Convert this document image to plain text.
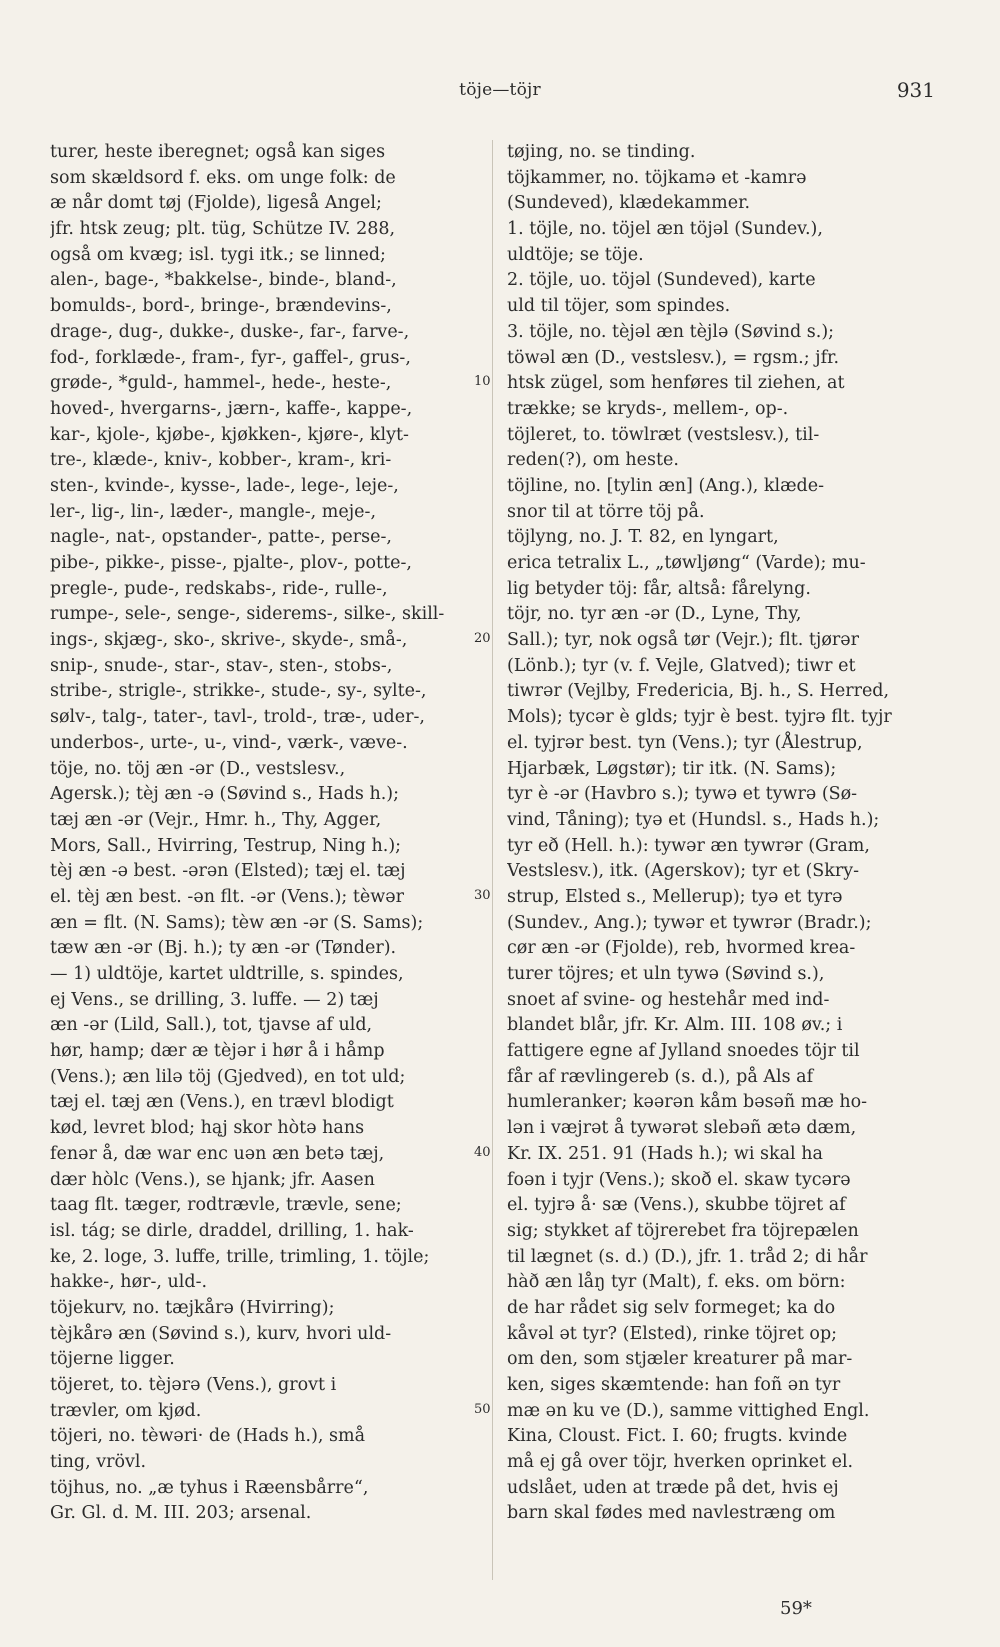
töje—töjr	931
turer, heste iberegnet; også kan siges
som skældsord f. eks. om unge folk: de
æ når domt tøj (Fjolde), ligeså Angel;
jfr. htsk zeug; plt. tüg, Schütze IV. 288,
også om kvæg; isl. tygi itk.; se linned;
alen-, bage-, *bakkelse-, binde-, bland-,
bomulds-, bord-, bringe-, brændevins-,
drage-, dug-, dukke-, duske-, far-, farve-,
fod-, forklæde-, fram-, fyr-, gaffel-, grus-,
grøde-, *guld-, hammel-, hede-, heste-,
hoved-, hvergarns-, jærn-, kaffe-, kappe-,
kar-, kjole-, kjøbe-, kjøkken-, kjøre-, klyt-
tre-, klæde-, kniv-, kobber-, kram-, kri-
sten-, kvinde-, kysse-, lade-, lege-, leje-,
ler-, lig-, lin-, læder-, mangle-, meje-,
nagle-, nat-, opstander-, patte-, perse-,
pibe-, pikke-, pisse-, pjalte-, plov-, potte-,
pregle-, pude-, redskabs-, ride-, rulle-,
rumpe-, sele-, senge-, siderems-, silke-, skill-
ings-, skjæg-, sko-, skrive-, skyde-, små-,
snip-, snude-, star-, stav-, sten-, stobs-,
stribe-, strigle-, strikke-, stude-, sy-, sylte-,
sølv-, talg-, tater-, tavl-, trold-, træ-, uder-,
underbos-, urte-, u-, vind-, værk-, væve-.
töje, no. töj æn -ər (D., vestslesv.,
Agersk.); tèj æn -ə (Søvind s., Hads h.);
tæj æn -ər (Vejr., Hmr. h., Thy, Agger,
Mors, Sall., Hvirring, Testrup, Ning h.);
tèj æn -ə best. -ərən (Elsted); tæj el. tæj
el. tèj æn best. -ən flt. -ər (Vens.); tèwər
æn = flt. (N. Sams); tèw æn -ər (S. Sams);
tæw æn -ər (Bj. h.); ty æn -ər (Tønder).
— 1) uldtöje, kartet uldtrille, s. spindes,
ej Vens., se drilling, 3. luffe. — 2) tæj
æn -ər (Lild, Sall.), tot, tjavse af uld,
hør, hamp; dær æ tèjər i hør å i håmp
(Vens.); æn lilə töj (Gjedved), en tot uld;
tæj el. tæj æn (Vens.), en trævl blodigt
kød, levret blod; hąj skor hòtə hans
fenər å, dæ war enc uən æn betə tæj,
dær hòlc (Vens.), se hjank; jfr. Aasen
taag flt. tæger, rodtrævle, trævle, sene;
isl. tág; se dirle, draddel, drilling, 1. hak-
ke, 2. loge, 3. luffe, trille, trimling, 1. töjle;
hakke-, hør-, uld-.
töjekurv, no. tæjkårə (Hvirring);
tèjkårə æn (Søvind s.), kurv, hvori uld-
töjerne ligger.
töjeret, to. tèjərə (Vens.), grovt i
trævler, om kjød.
töjeri, no. tèwəri· de (Hads h.), små
ting, vrövl.
töjhus, no. „æ tyhus i Ræensbårre“,
Gr. Gl. d. M. III. 203; arsenal.
tøjing, no. se tinding.
töjkammer, no. töjkamə et -kamrə
(Sundeved), klædekammer.
1. töjle, no. töjel æn töjəl (Sundev.),
uldtöje; se töje.
2. töjle, uo. töjəl (Sundeved), karte
uld til töjer, som spindes.
3. töjle, no. tèjəl æn tèjlə (Søvind s.);
töwəl æn (D., vestslesv.), = rgsm.; jfr.
htsk zügel, som henføres til ziehen, at
trække; se kryds-, mellem-, op-.
töjleret, to. töwlræt (vestslesv.), til-
reden(?), om heste.
töjline, no. [tylin æn] (Ang.), klæde-
snor til at törre töj på.
töjlyng, no. J. T. 82, en lyngart,
erica tetralix L., „tøwljøng“ (Varde); mu-
lig betyder töj: får, altså: fårelyng.
töjr, no. tyr æn -ər (D., Lyne, Thy,
Sall.); tyr, nok også tør (Vejr.); flt. tjørər
(Lönb.); tyr (v. f. Vejle, Glatved); tiwr et
tiwrər (Vejlby, Fredericia, Bj. h., S. Herred,
Mols); tycər è glds; tyjr è best. tyjrə flt. tyjr
el. tyjrər best. tyn (Vens.); tyr (Ålestrup,
Hjarbæk, Løgstør); tir itk. (N. Sams);
tyr è -ər (Havbro s.); tywə et tywrə (Sø-
vind, Tåning); tyə et (Hundsl. s., Hads h.);
tyr eð (Hell. h.): tywər æn tywrər (Gram,
Vestslesv.), itk. (Agerskov); tyr et (Skry-
strup, Elsted s., Mellerup); tyə et tyrə
(Sundev., Ang.); tywər et tywrər (Bradr.);
cør æn -ər (Fjolde), reb, hvormed krea-
turer töjres; et uln tywə (Søvind s.),
snoet af svine- og hestehår med ind-
blandet blår, jfr. Kr. Alm. III. 108 øv.; i
fattigere egne af Jylland snoedes töjr til
får af rævlingereb (s. d.), på Als af
humleranker; kəərən kåm bəsəñ mæ ho-
lən i væjrət å tywərət slebəñ ætə dæm,
Kr. IX. 251. 91 (Hads h.); wi skal ha
foən i tyjr (Vens.); skoð el. skaw tycərə
el. tyjrə å· sæ (Vens.), skubbe töjret af
sig; stykket af töjrerebet fra töjrepælen
til lægnet (s. d.) (D.), jfr. 1. tråd 2; di hår
hàð æn låŋ tyr (Malt), f. eks. om börn:
de har rådet sig selv formeget; ka do
kåvəl ət tyr? (Elsted), rinke töjret op;
om den, som stjæler kreaturer på mar-
ken, siges skæmtende: han foñ ən tyr
mæ ən ku ve (D.), samme vittighed Engl.
Kina, Cloust. Fict. I. 60; frugts. kvinde
må ej gå over töjr, hverken oprinket el.
udslået, uden at træde på det, hvis ej
barn skal fødes med navlestræng om
10
20
30
40
50
59*
